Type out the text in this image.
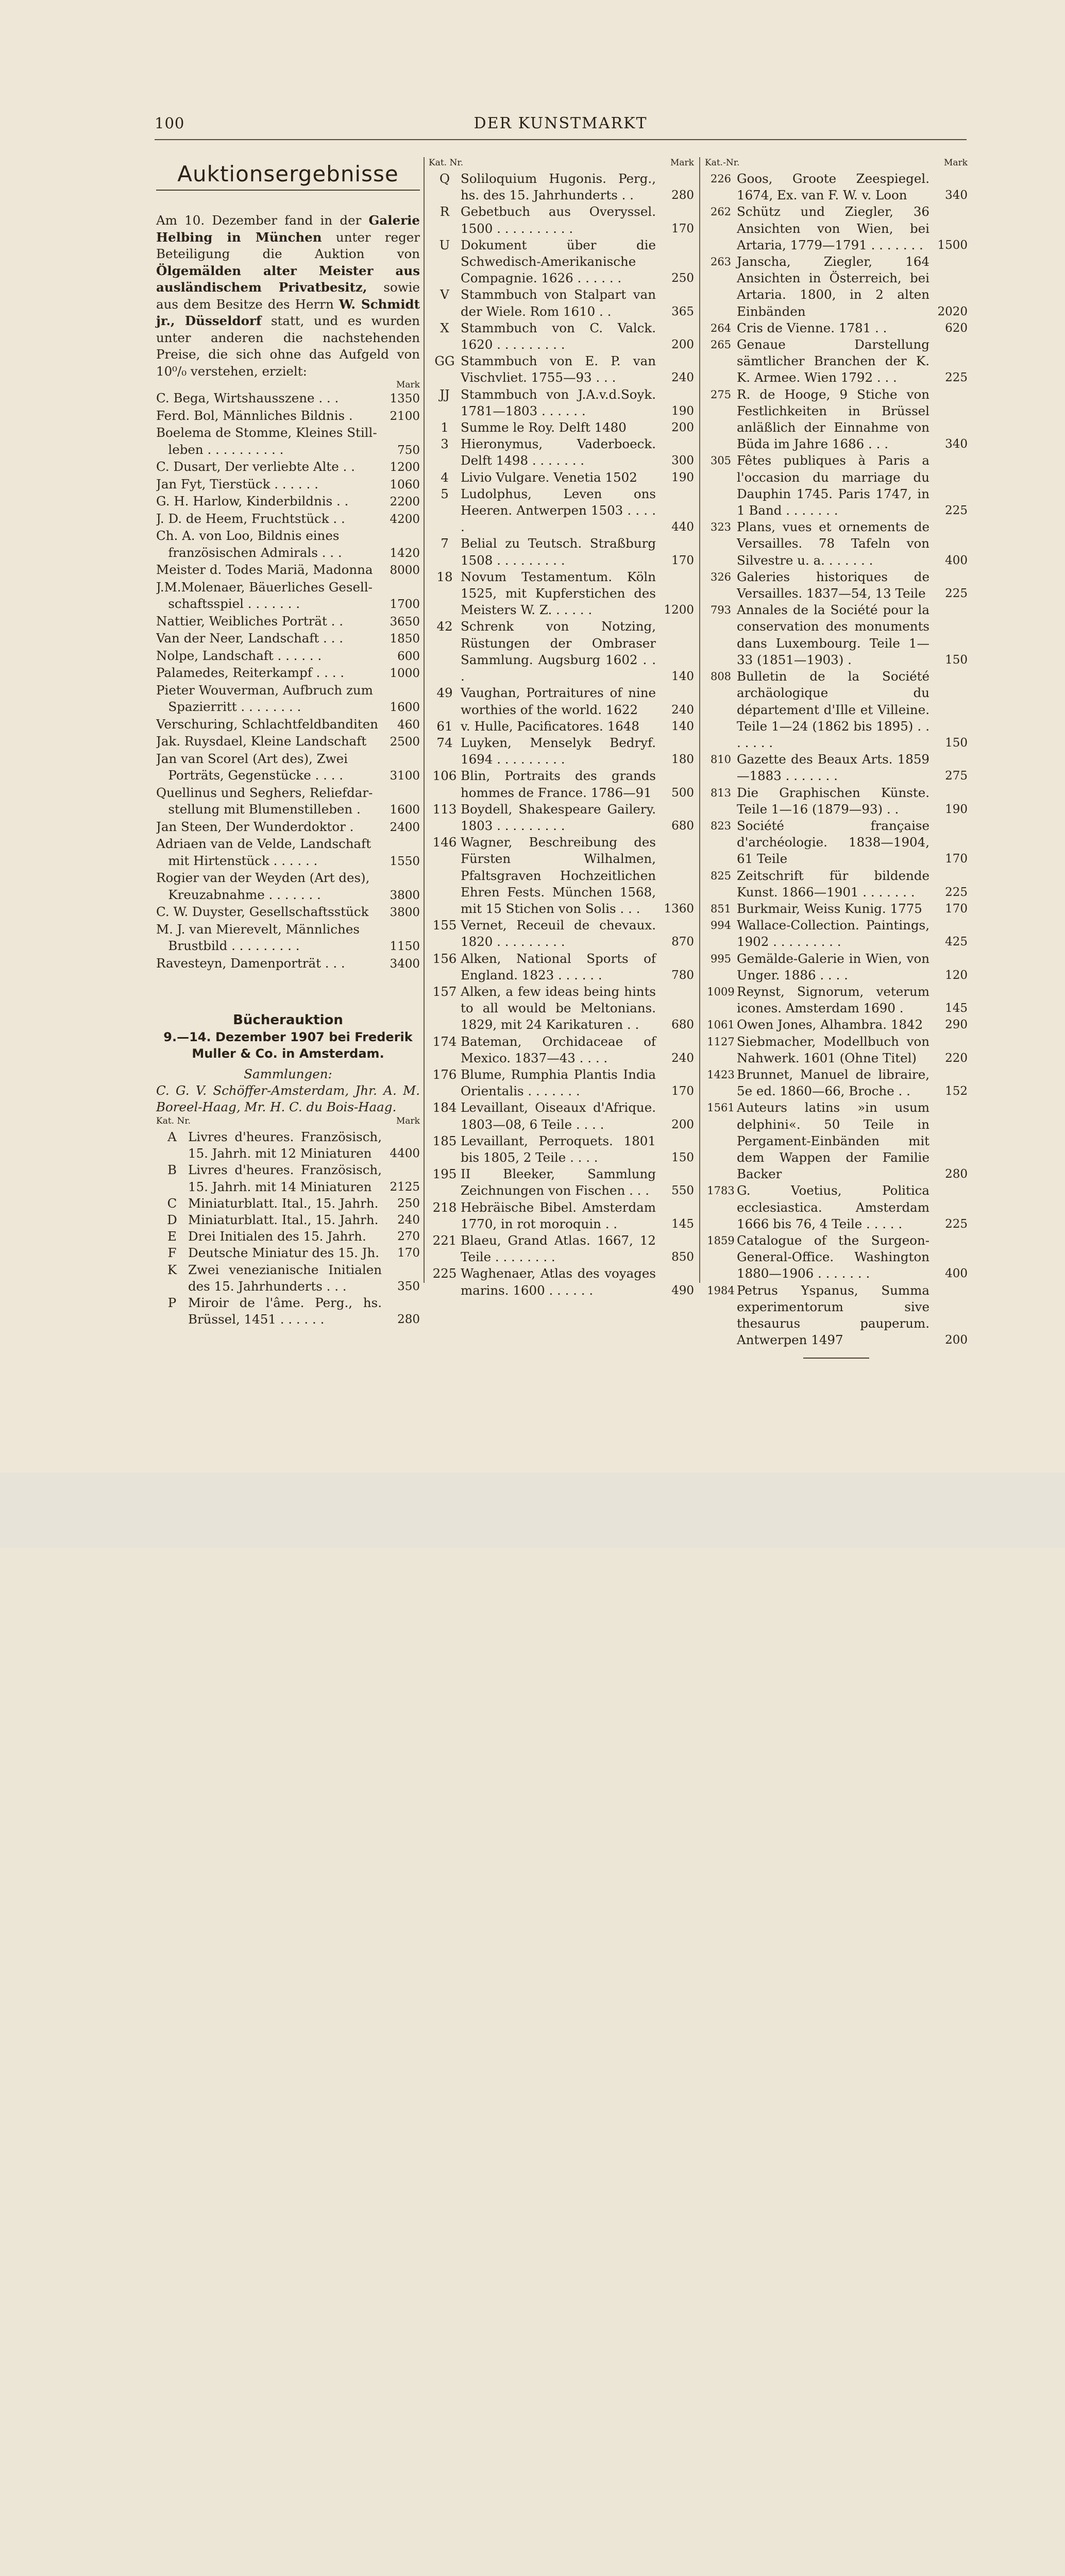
100	DER KUNSTMARKT
Auktionsergebnisse
Am 10. Dezember fand in der Galerie Helbing in München unter reger Beteiligung die Auktion von Ölgemälden alter Meister aus ausländischem Privatbesitz, sowie aus dem Besitze des Herrn W. Schmidt jr., Düsseldorf statt, und es wurden unter anderen die nachstehenden Preise, die sich ohne das Aufgeld von 10⁰/₀ verstehen, erzielt:
Mark
C. Bega, Wirtshausszene . . .	1350
Ferd. Bol, Männliches Bildnis .	2100
Boelema de Stomme, Kleines Still-
leben . . . . . . . . . .	750
C. Dusart, Der verliebte Alte . .	1200
Jan Fyt, Tierstück . . . . . .	1060
G. H. Harlow, Kinderbildnis . .	2200
J. D. de Heem, Fruchtstück . .	4200
Ch. A. von Loo, Bildnis eines
französischen Admirals . . .	1420
Meister d. Todes Mariä, Madonna	8000
J.M.Molenaer, Bäuerliches Gesell-
schaftsspiel . . . . . . .	1700
Nattier, Weibliches Porträt . .	3650
Van der Neer, Landschaft . . .	1850
Nolpe, Landschaft . . . . . .	600
Palamedes, Reiterkampf . . . .	1000
Pieter Wouverman, Aufbruch zum
Spazierritt . . . . . . . .	1600
Verschuring, Schlachtfeldbanditen	460
Jak. Ruysdael, Kleine Landschaft	2500
Jan van Scorel (Art des), Zwei
Porträts, Gegenstücke . . . .	3100
Quellinus und Seghers, Reliefdar-
stellung mit Blumenstilleben .	1600
Jan Steen, Der Wunderdoktor .	2400
Adriaen van de Velde, Landschaft
mit Hirtenstück . . . . . .	1550
Rogier van der Weyden (Art des),
Kreuzabnahme . . . . . . .	3800
C. W. Duyster, Gesellschaftsstück	3800
M. J. van Mierevelt, Männliches
Brustbild . . . . . . . . .	1150
Ravesteyn, Damenporträt . . .	3400
Bücherauktion
9.—14. Dezember 1907 bei Frederik Muller & Co. in Amsterdam.
Sammlungen:
C. G. V. Schöffer-Amsterdam, Jhr. A. M. Boreel-Haag, Mr. H. C. du Bois-Haag.
Kat. Nr.	Mark
A Livres d'heures. Französisch, 15. Jahrh. mit 12 Miniaturen	4400
B Livres d'heures. Französisch, 15. Jahrh. mit 14 Miniaturen	2125
C Miniaturblatt. Ital., 15. Jahrh.	250
D Miniaturblatt. Ital., 15. Jahrh.	240
E Drei Initialen des 15. Jahrh.	270
F Deutsche Miniatur des 15. Jh.	170
K Zwei venezianische Initialen des 15. Jahrhunderts . . .	350
P Miroir de l'âme. Perg., hs. Brüssel, 1451 . . . . . .	280
Kat. Nr.	Mark
Q Soliloquium Hugonis. Perg., hs. des 15. Jahrhunderts . .	280
R Gebetbuch aus Overyssel. 1500 . . . . . . . . . .	170
U Dokument über die Schwedisch-Amerikanische Compagnie. 1626 . . . . . .	250
V Stammbuch von Stalpart van der Wiele. Rom 1610 . .	365
X Stammbuch von C. Valck. 1620 . . . . . . . . .	200
GG Stammbuch von E. P. van Vischvliet. 1755—93 . . .	240
JJ Stammbuch von J.A.v.d.Soyk. 1781—1803 . . . . . .	190
1 Summe le Roy. Delft 1480	200
3 Hieronymus, Vaderboeck. Delft 1498 . . . . . . .	300
4 Livio Vulgare. Venetia 1502	190
5 Ludolphus, Leven ons Heeren. Antwerpen 1503 . . . . .	440
7 Belial zu Teutsch. Straßburg 1508 . . . . . . . . .	170
18 Novum Testamentum. Köln 1525, mit Kupferstichen des Meisters W. Z. . . . . .	1200
42 Schrenk von Notzing, Rüstungen der Ombraser Sammlung. Augsburg 1602 . . .	140
49 Vaughan, Portraitures of nine worthies of the world. 1622	240
61 v. Hulle, Pacificatores. 1648	140
74 Luyken, Menselyk Bedryf. 1694 . . . . . . . . .	180
106 Blin, Portraits des grands hommes de France. 1786—91	500
113 Boydell, Shakespeare Gailery. 1803 . . . . . . . . .	680
146 Wagner, Beschreibung des Fürsten Wilhalmen, Pfaltsgraven Hochzeitlichen Ehren Fests. München 1568, mit 15 Stichen von Solis . . .	1360
155 Vernet, Receuil de chevaux. 1820 . . . . . . . . .	870
156 Alken, National Sports of England. 1823 . . . . . .	780
157 Alken, a few ideas being hints to all would be Meltonians. 1829, mit 24 Karikaturen . .	680
174 Bateman, Orchidaceae of Mexico. 1837—43 . . . .	240
176 Blume, Rumphia Plantis India Orientalis . . . . . . .	170
184 Levaillant, Oiseaux d'Afrique. 1803—08, 6 Teile . . . .	200
185 Levaillant, Perroquets. 1801 bis 1805, 2 Teile . . . .	150
195 II Bleeker, Sammlung Zeichnungen von Fischen . . .	550
218 Hebräische Bibel. Amsterdam 1770, in rot moroquin . .	145
221 Blaeu, Grand Atlas. 1667, 12 Teile . . . . . . . .	850
225 Waghenaer, Atlas des voyages marins. 1600 . . . . . .	490
Kat.-Nr.	Mark
226 Goos, Groote Zeespiegel. 1674, Ex. van F. W. v. Loon	340
262 Schütz und Ziegler, 36 Ansichten von Wien, bei Artaria, 1779—1791 . . . . . . .	1500
263 Janscha, Ziegler, 164 Ansichten in Österreich, bei Artaria. 1800, in 2 alten Einbänden	2020
264 Cris de Vienne. 1781 . .	620
265 Genaue Darstellung sämtlicher Branchen der K. K. Armee. Wien 1792 . . .	225
275 R. de Hooge, 9 Stiche von Festlichkeiten in Brüssel anläßlich der Einnahme von Büda im Jahre 1686 . . .	340
305 Fêtes publiques à Paris a l'occasion du marriage du Dauphin 1745. Paris 1747, in 1 Band . . . . . . .	225
323 Plans, vues et ornements de Versailles. 78 Tafeln von Silvestre u. a. . . . . . .	400
326 Galeries historiques de Versailles. 1837—54, 13 Teile	225
793 Annales de la Société pour la conservation des monuments dans Luxembourg. Teile 1—33 (1851—1903) .	150
808 Bulletin de la Société archäologique du département d'Ille et Villeine. Teile 1—24 (1862 bis 1895) . . . . . . .	150
810 Gazette des Beaux Arts. 1859—1883 . . . . . . .	275
813 Die Graphischen Künste. Teile 1—16 (1879—93) . .	190
823 Société française d'archéologie. 1838—1904, 61 Teile	170
825 Zeitschrift für bildende Kunst. 1866—1901 . . . . . . .	225
851 Burkmair, Weiss Kunig. 1775	170
994 Wallace-Collection. Paintings, 1902 . . . . . . . . .	425
995 Gemälde-Galerie in Wien, von Unger. 1886 . . . .	120
1009 Reynst, Signorum, veterum icones. Amsterdam 1690 .	145
1061 Owen Jones, Alhambra. 1842	290
1127 Siebmacher, Modellbuch von Nahwerk. 1601 (Ohne Titel)	220
1423 Brunnet, Manuel de libraire, 5e ed. 1860—66, Broche . .	152
1561 Auteurs latins »in usum delphini«. 50 Teile in Pergament-Einbänden mit dem Wappen der Familie Backer	280
1783 G. Voetius, Politica ecclesiastica. Amsterdam 1666 bis 76, 4 Teile . . . . .	225
1859 Catalogue of the Surgeon-General-Office. Washington 1880—1906 . . . . . . .	400
1984 Petrus Yspanus, Summa experimentorum sive thesaurus pauperum. Antwerpen 1497	200
